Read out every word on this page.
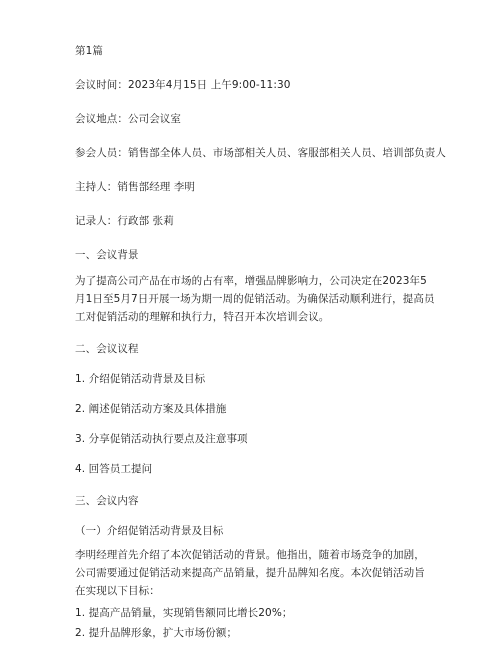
第1篇
会议时间：2023年4月15日 上午9:00-11:30
会议地点：公司会议室
参会人员：销售部全体人员、市场部相关人员、客服部相关人员、培训部负责人
主持人：销售部经理 李明
记录人：行政部 张莉
一、会议背景
为了提高公司产品在市场的占有率，增强品牌影响力，公司决定在2023年5月1日至5月7日开展一场为期一周的促销活动。为确保活动顺利进行，提高员工对促销活动的理解和执行力，特召开本次培训会议。
二、会议议程
1. 介绍促销活动背景及目标
2. 阐述促销活动方案及具体措施
3. 分享促销活动执行要点及注意事项
4. 回答员工提问
三、会议内容
（一）介绍促销活动背景及目标
李明经理首先介绍了本次促销活动的背景。他指出，随着市场竞争的加剧，公司需要通过促销活动来提高产品销量，提升品牌知名度。本次促销活动旨在实现以下目标：
1. 提高产品销量，实现销售额同比增长20%；
2. 提升品牌形象，扩大市场份额；
